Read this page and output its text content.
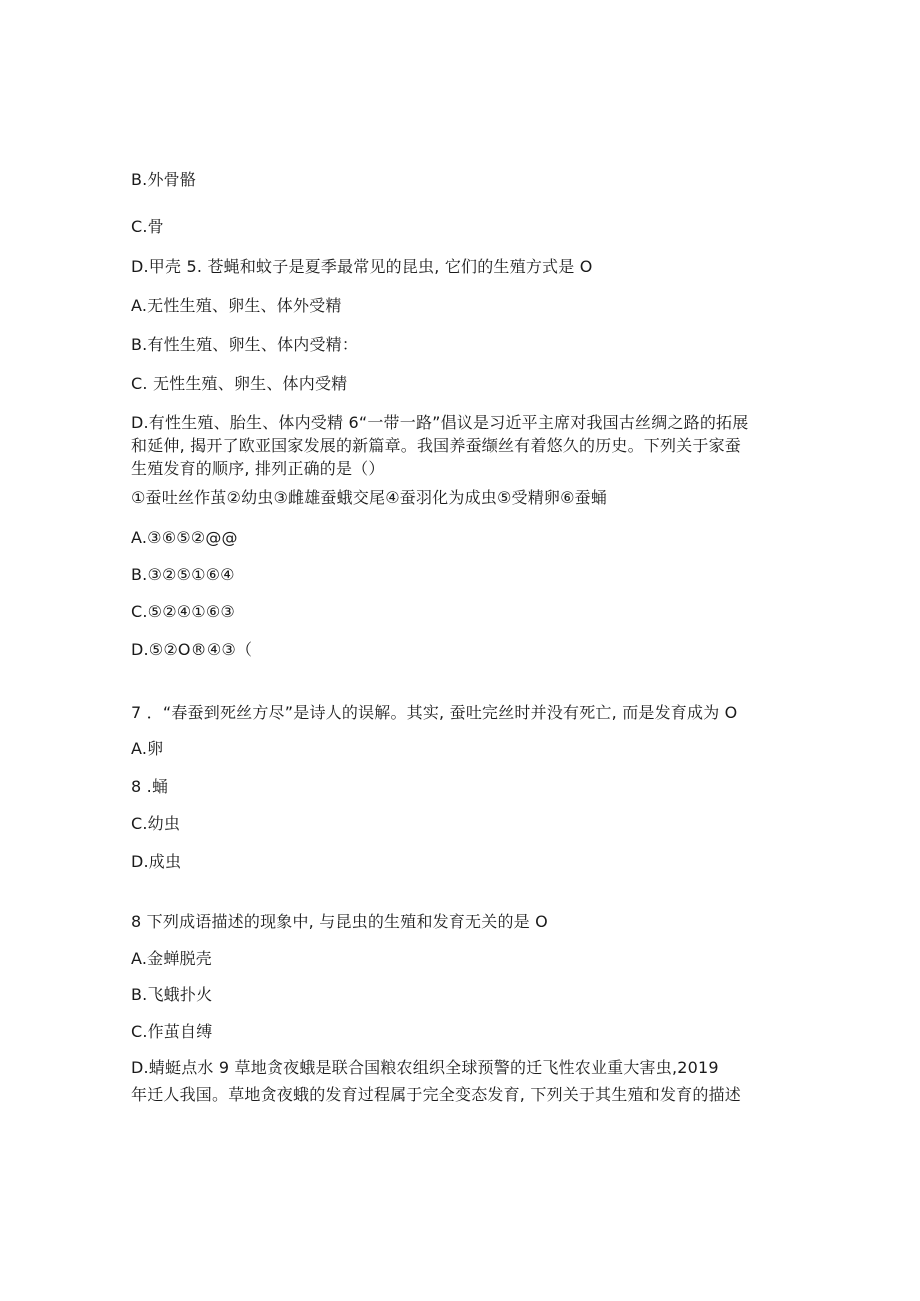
B.外骨骼
C.骨
D.甲壳 5. 苍蝇和蚊子是夏季最常见的昆虫, 它们的生殖方式是 O
A.无性生殖、卵生、体外受精
B.有性生殖、卵生、体内受精：
C. 无性生殖、卵生、体内受精
D.有性生殖、胎生、体内受精 6“一带一路”倡议是习近平主席对我国古丝绸之路的拓展
和延伸, 揭开了欧亚国家发展的新篇章。我国养蚕缬丝有着悠久的历史。下列关于家蚕
生殖发育的顺序, 排列正确的是（）
①蚕吐丝作茧②幼虫③雌雄蚕蛾交尾④蚕羽化为成虫⑤受精卵⑥蚕蛹
A.③⑥⑤②@@
B.③②⑤①⑥④
C.⑤②④①⑥③
D.⑤②O®④③（
7 ．“春蚕到死丝方尽”是诗人的误解。其实, 蚕吐完丝时并没有死亡, 而是发育成为 O
A.卵
8 .蛹
C.幼虫
D.成虫
8 下列成语描述的现象中, 与昆虫的生殖和发育无关的是 O
A.金蝉脱壳
B.飞蛾扑火
C.作茧自缚
D.蜻蜓点水 9 草地贪夜蛾是联合国粮农组织全球预警的迁飞性农业重大害虫,2019
年迁人我国。草地贪夜蛾的发育过程属于完全变态发育, 下列关于其生殖和发育的描述
